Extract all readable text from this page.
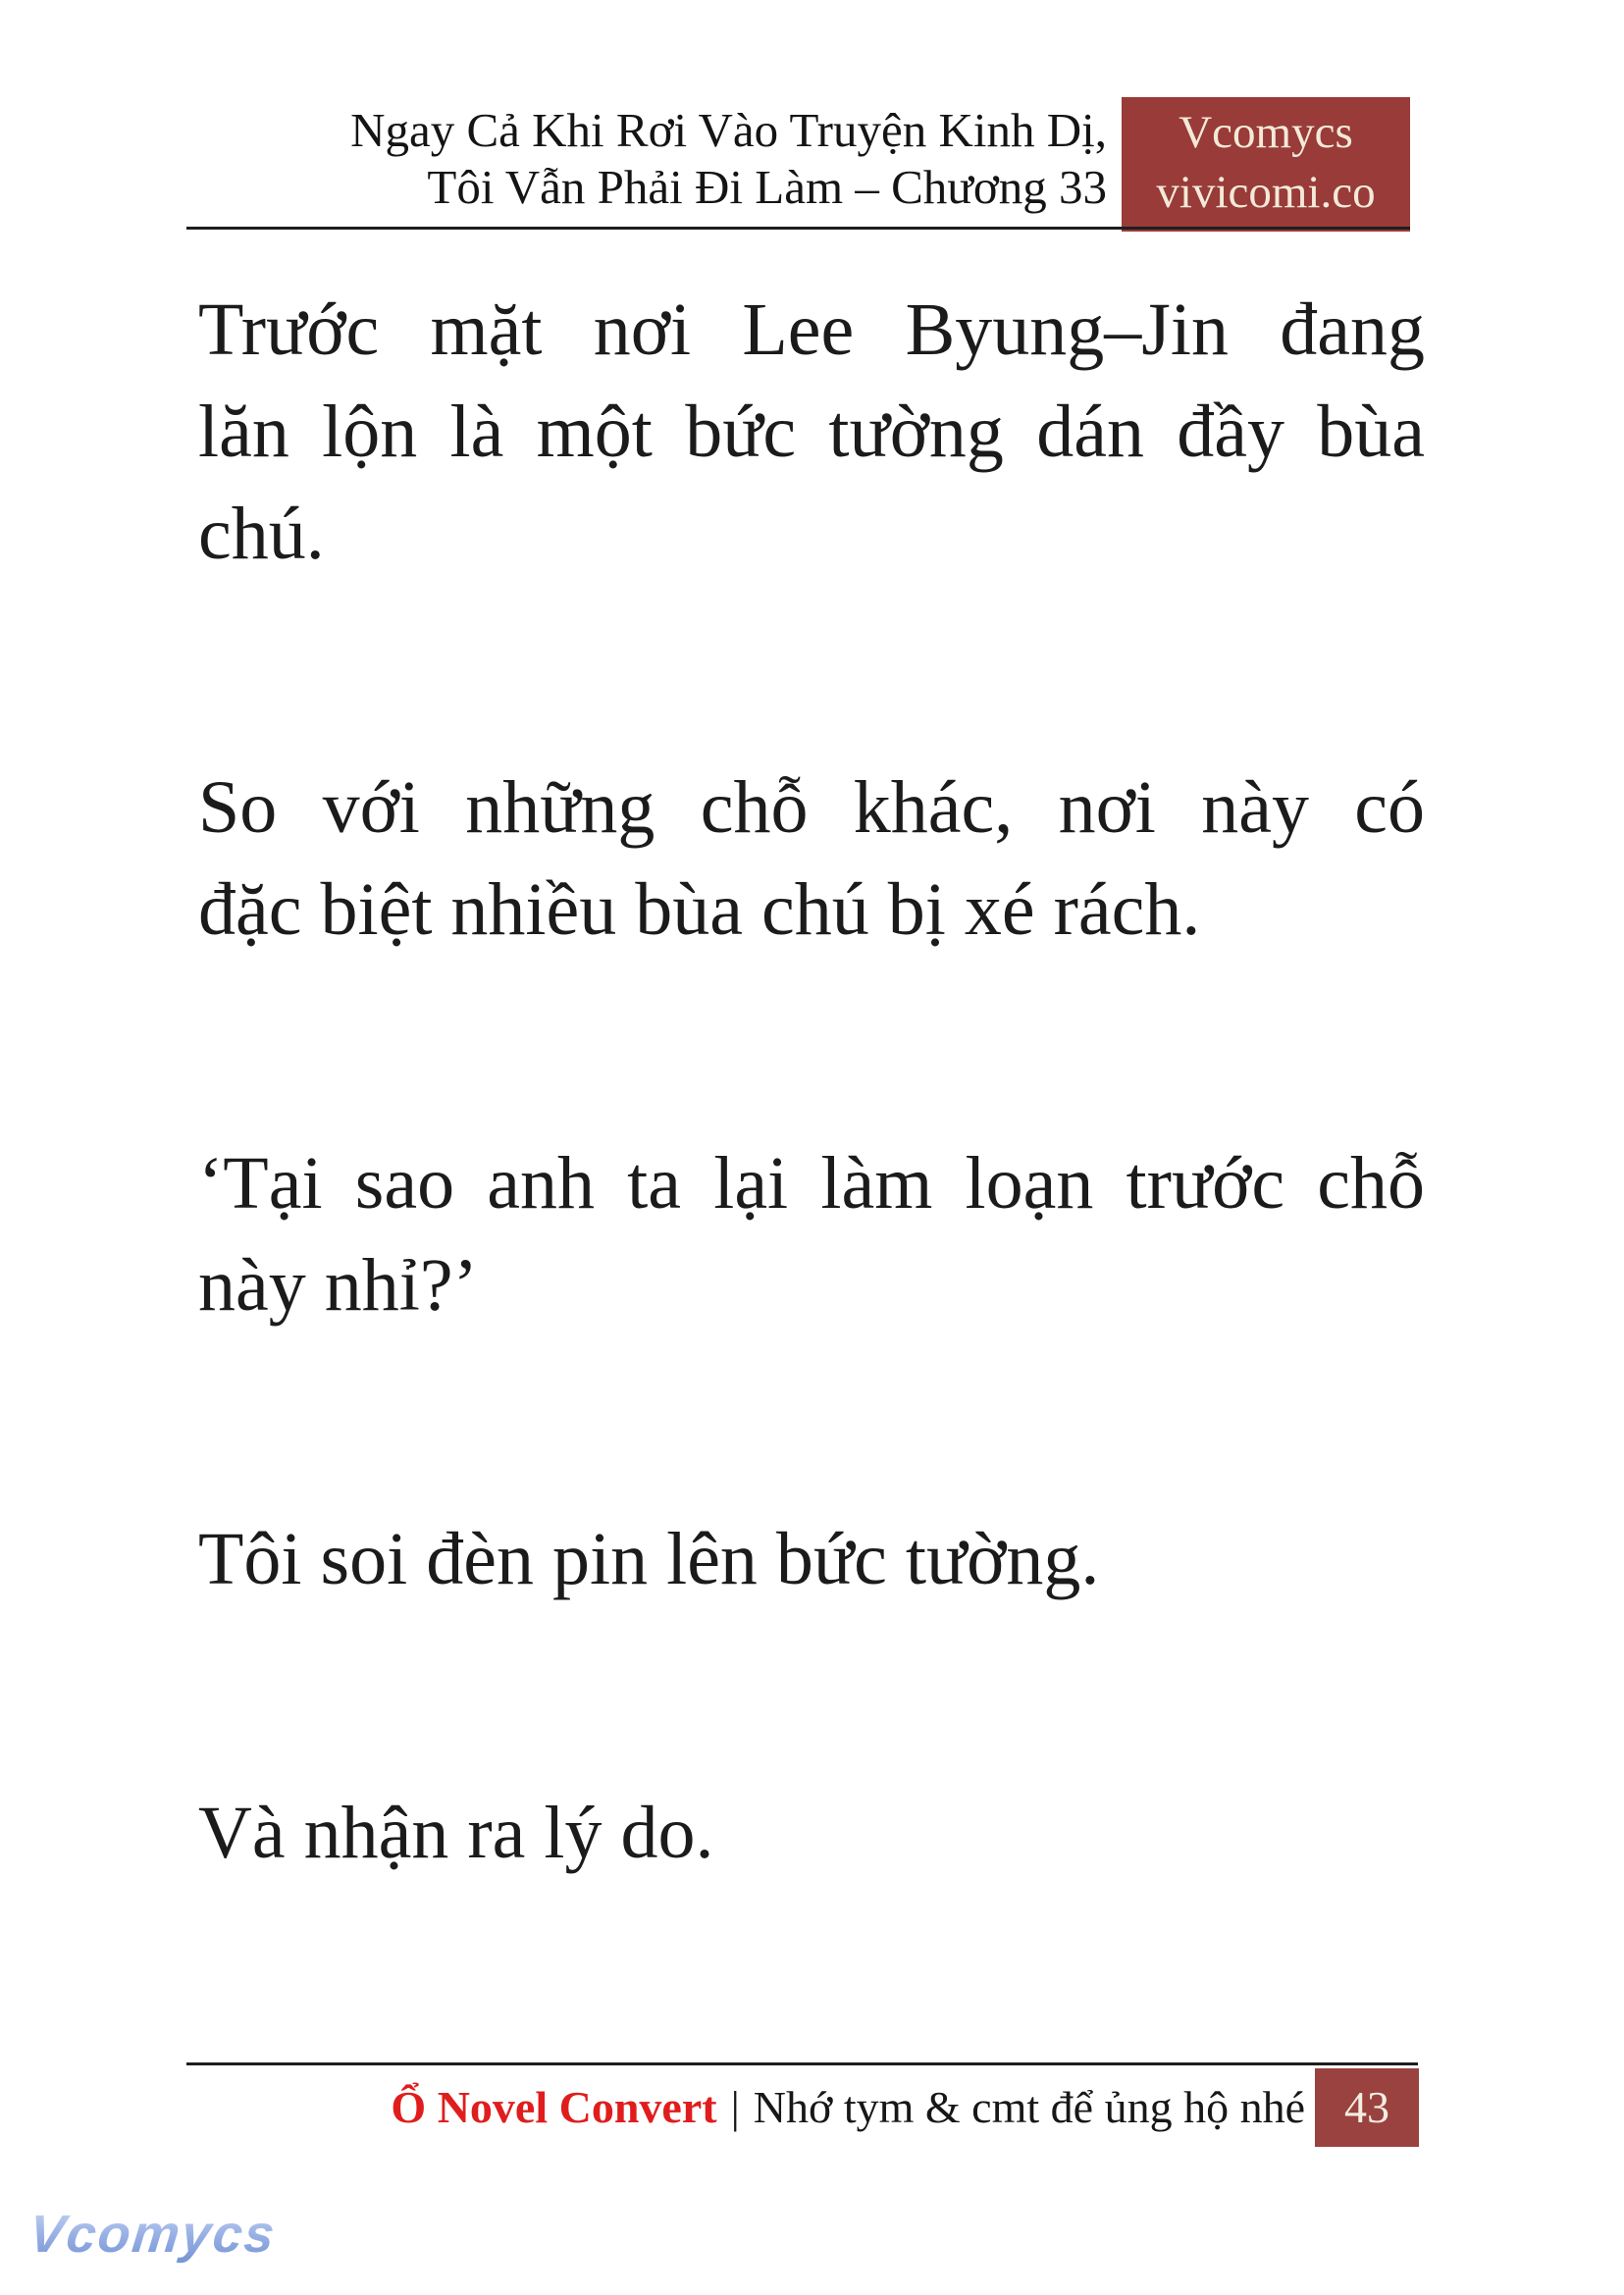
Ngay Cả Khi Rơi Vào Truyện Kinh Dị,
Tôi Vẫn Phải Đi Làm – Chương 33
Vcomycs
vivicomi.co
Trước mặt nơi Lee Byung–Jin đang
lăn lộn là một bức tường dán đầy bùa
chú.
So với những chỗ khác, nơi này có
đặc biệt nhiều bùa chú bị xé rách.
‘Tại sao anh ta lại làm loạn trước chỗ
này nhỉ?’
Tôi soi đèn pin lên bức tường.
Và nhận ra lý do.
Ổ Novel Convert | Nhớ tym & cmt để ủng hộ nhé 43
Vcomycs
